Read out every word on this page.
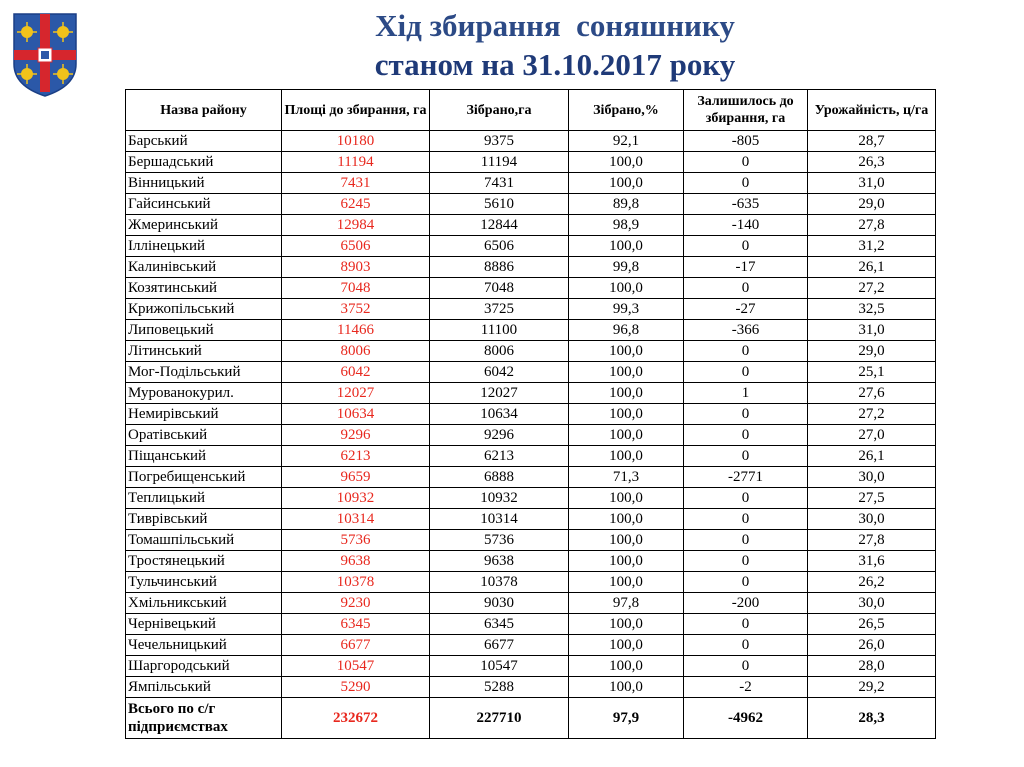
Хід збирання  соняшнику
станом на 31.10.2017 року
Назва району	Площі до збирання, га	Зібрано,га	Зібрано,%	Залишилось до збирання, га	Урожайність, ц/га
Барський	10180	9375	92,1	-805	28,7
Бершадський	11194	11194	100,0	0	26,3
Вінницький	7431	7431	100,0	0	31,0
Гайсинський	6245	5610	89,8	-635	29,0
Жмеринський	12984	12844	98,9	-140	27,8
Іллінецький	6506	6506	100,0	0	31,2
Калинівський	8903	8886	99,8	-17	26,1
Козятинський	7048	7048	100,0	0	27,2
Крижопільський	3752	3725	99,3	-27	32,5
Липовецький	11466	11100	96,8	-366	31,0
Літинський	8006	8006	100,0	0	29,0
Мог-Подільський	6042	6042	100,0	0	25,1
Мурованокурил.	12027	12027	100,0	1	27,6
Немирівський	10634	10634	100,0	0	27,2
Оратівський	9296	9296	100,0	0	27,0
Піщанський	6213	6213	100,0	0	26,1
Погребищенський	9659	6888	71,3	-2771	30,0
Теплицький	10932	10932	100,0	0	27,5
Тиврівський	10314	10314	100,0	0	30,0
Томашпільський	5736	5736	100,0	0	27,8
Тростянецький	9638	9638	100,0	0	31,6
Тульчинський	10378	10378	100,0	0	26,2
Хмільникський	9230	9030	97,8	-200	30,0
Чернівецький	6345	6345	100,0	0	26,5
Чечельницький	6677	6677	100,0	0	26,0
Шаргородський	10547	10547	100,0	0	28,0
Ямпільський	5290	5288	100,0	-2	29,2
Всього по с/г підприємствах	232672	227710	97,9	-4962	28,3
